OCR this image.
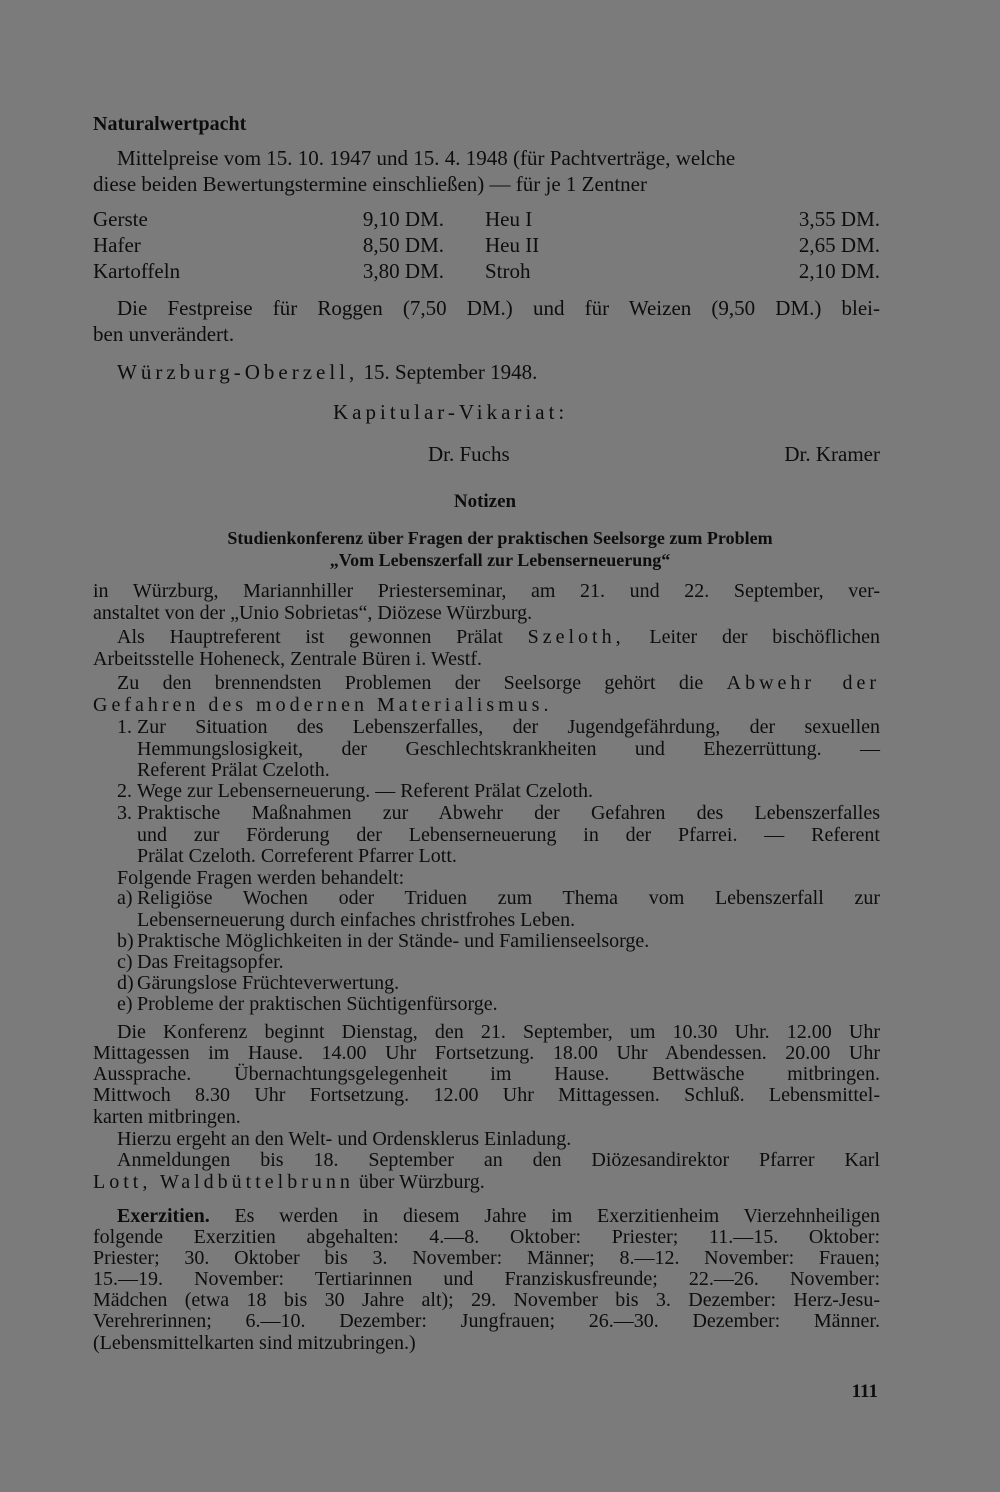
Naturalwertpacht
Mittelpreise vom 15. 10. 1947 und 15. 4. 1948 (für Pachtverträge, welche
diese beiden Bewertungstermine einschließen) — für je 1 Zentner
Gerste	9,10 DM. Heu I	3,55 DM.
Hafer	8,50 DM. Heu II	2,65 DM.
Kartoffeln	3,80 DM. Stroh	2,10 DM.
Die Festpreise für Roggen (7,50 DM.) und für Weizen (9,50 DM.) blei-
ben unverändert.
Würzburg-Oberzell, 15. September 1948.
Kapitular-Vikariat:
Dr. Fuchs	Dr. Kramer
Notizen
Studienkonferenz über Fragen der praktischen Seelsorge zum Problem
„Vom Lebenszerfall zur Lebenserneuerung“
in Würzburg, Mariannhiller Priesterseminar, am 21. und 22. September, ver-
anstaltet von der „Unio Sobrietas“, Diözese Würzburg.
Als Hauptreferent ist gewonnen Prälat Szeloth, Leiter der bischöflichen
Arbeitsstelle Hoheneck, Zentrale Büren i. Westf.
Zu den brennendsten Problemen der Seelsorge gehört die Abwehr der
Gefahren des modernen Materialismus.
1. Zur Situation des Lebenszerfalles, der Jugendgefährdung, der sexuellen
Hemmungslosigkeit, der Geschlechtskrankheiten und Ehezerrüttung. —
Referent Prälat Czeloth.
2. Wege zur Lebenserneuerung. — Referent Prälat Czeloth.
3. Praktische Maßnahmen zur Abwehr der Gefahren des Lebenszerfalles
und zur Förderung der Lebenserneuerung in der Pfarrei. — Referent
Prälat Czeloth. Correferent Pfarrer Lott.
Folgende Fragen werden behandelt:
a) Religiöse Wochen oder Triduen zum Thema vom Lebenszerfall zur
Lebenserneuerung durch einfaches christfrohes Leben.
b) Praktische Möglichkeiten in der Stände- und Familienseelsorge.
c) Das Freitagsopfer.
d) Gärungslose Früchteverwertung.
e) Probleme der praktischen Süchtigenfürsorge.
Die Konferenz beginnt Dienstag, den 21. September, um 10.30 Uhr. 12.00 Uhr
Mittagessen im Hause. 14.00 Uhr Fortsetzung. 18.00 Uhr Abendessen. 20.00 Uhr
Aussprache. Übernachtungsgelegenheit im Hause. Bettwäsche mitbringen.
Mittwoch 8.30 Uhr Fortsetzung. 12.00 Uhr Mittagessen. Schluß. Lebensmittel-
karten mitbringen.
Hierzu ergeht an den Welt- und Ordensklerus Einladung.
Anmeldungen bis 18. September an den Diözesandirektor Pfarrer Karl
Lott, Waldbüttelbrunn über Würzburg.
Exerzitien. Es werden in diesem Jahre im Exerzitienheim Vierzehnheiligen
folgende Exerzitien abgehalten: 4.—8. Oktober: Priester; 11.—15. Oktober:
Priester; 30. Oktober bis 3. November: Männer; 8.—12. November: Frauen;
15.—19. November: Tertiarinnen und Franziskusfreunde; 22.—26. November:
Mädchen (etwa 18 bis 30 Jahre alt); 29. November bis 3. Dezember: Herz-Jesu-
Verehrerinnen; 6.—10. Dezember: Jungfrauen; 26.—30. Dezember: Männer.
(Lebensmittelkarten sind mitzubringen.)
111
